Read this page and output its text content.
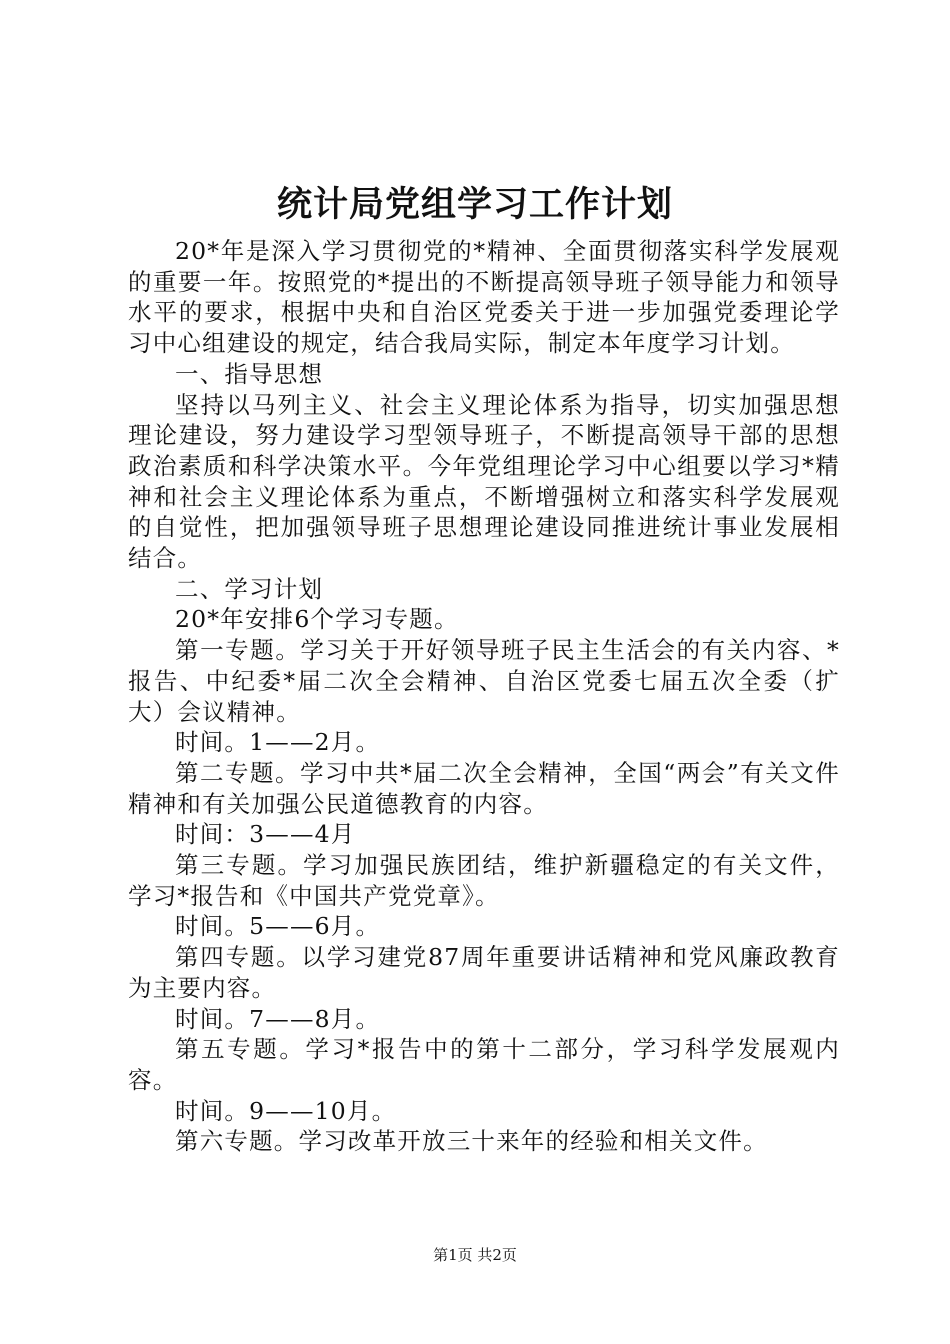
统计局党组学习工作计划

20*年是深入学习贯彻党的*精神、全面贯彻落实科学发展观的重要一年。按照党的*提出的不断提高领导班子领导能力和领导水平的要求，根据中央和自治区党委关于进一步加强党委理论学习中心组建设的规定，结合我局实际，制定本年度学习计划。

一、指导思想

坚持以马列主义、社会主义理论体系为指导，切实加强思想理论建设，努力建设学习型领导班子，不断提高领导干部的思想政治素质和科学决策水平。今年党组理论学习中心组要以学习*精神和社会主义理论体系为重点，不断增强树立和落实科学发展观的自觉性，把加强领导班子思想理论建设同推进统计事业发展相结合。

二、学习计划

20*年安排6个学习专题。

第一专题。学习关于开好领导班子民主生活会的有关内容、*报告、中纪委*届二次全会精神、自治区党委七届五次全委（扩大）会议精神。

时间。1——2月。

第二专题。学习中共*届二次全会精神，全国“两会”有关文件精神和有关加强公民道德教育的内容。

时间：3——4月

第三专题。学习加强民族团结，维护新疆稳定的有关文件，学习*报告和《中国共产党党章》。

时间。5——6月。

第四专题。以学习建党87周年重要讲话精神和党风廉政教育为主要内容。

时间。7——8月。

第五专题。学习*报告中的第十二部分，学习科学发展观内容。

时间。9——10月。

第六专题。学习改革开放三十来年的经验和相关文件。

第1页 共2页
